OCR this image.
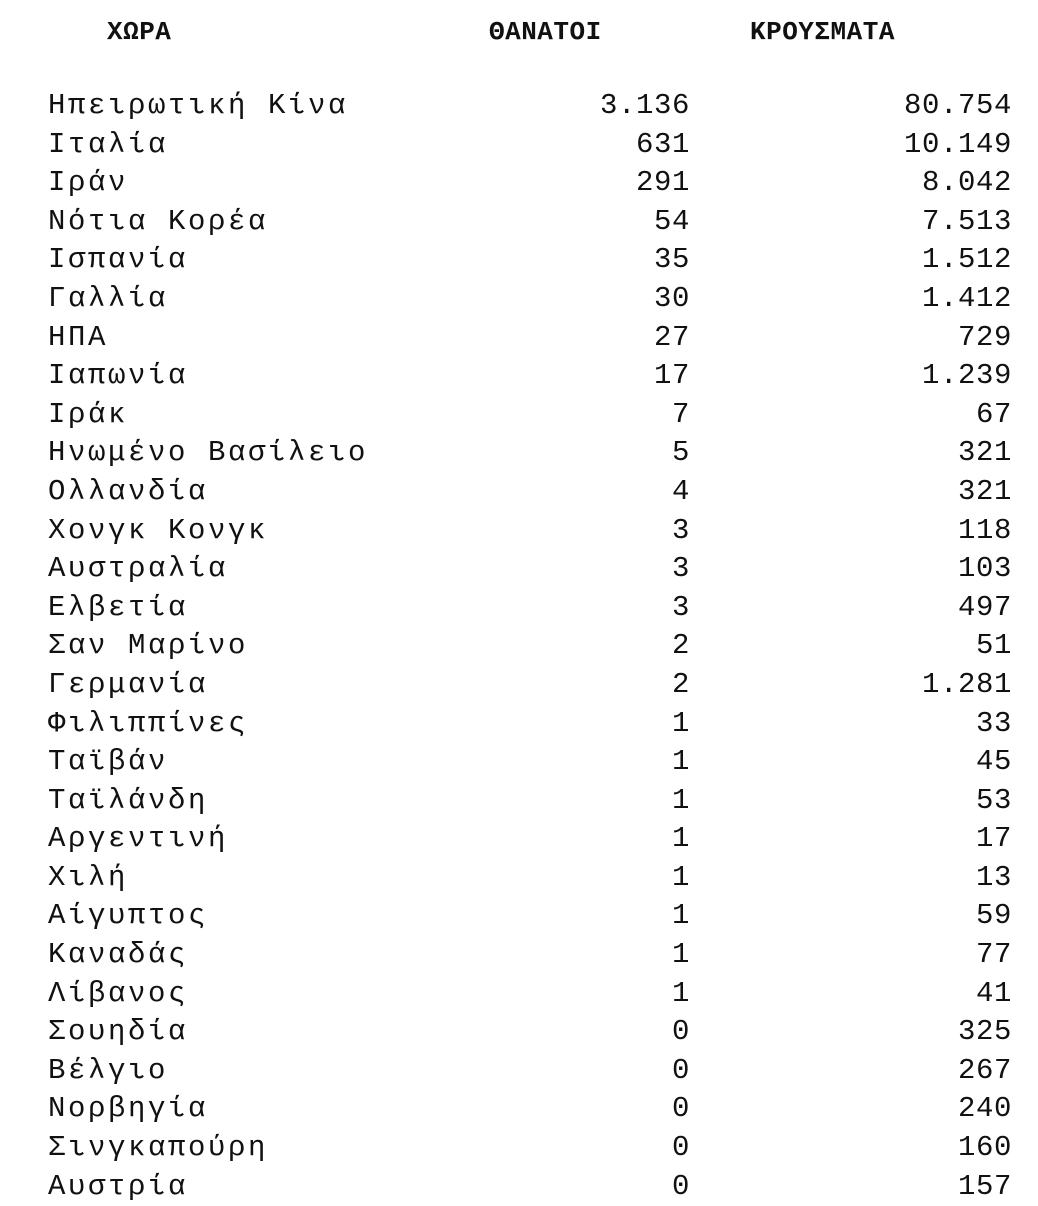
ΧΩΡΑ	ΘΑΝΑΤΟΙ	ΚΡΟΥΣΜΑΤΑ
Ηπειρωτική Κίνα	3.136	80.754
Ιταλία	631	10.149
Ιράν	291	8.042
Νότια Κορέα	54	7.513
Ισπανία	35	1.512
Γαλλία	30	1.412
ΗΠΑ	27	729
Ιαπωνία	17	1.239
Ιράκ	7	67
Ηνωμένο Βασίλειο	5	321
Ολλανδία	4	321
Χονγκ Κονγκ	3	118
Αυστραλία	3	103
Ελβετία	3	497
Σαν Μαρίνο	2	51
Γερμανία	2	1.281
Φιλιππίνες	1	33
Ταϊβάν	1	45
Ταϊλάνδη	1	53
Αργεντινή	1	17
Χιλή	1	13
Αίγυπτος	1	59
Καναδάς	1	77
Λίβανος	1	41
Σουηδία	0	325
Βέλγιο	0	267
Νορβηγία	0	240
Σινγκαπούρη	0	160
Αυστρία	0	157
